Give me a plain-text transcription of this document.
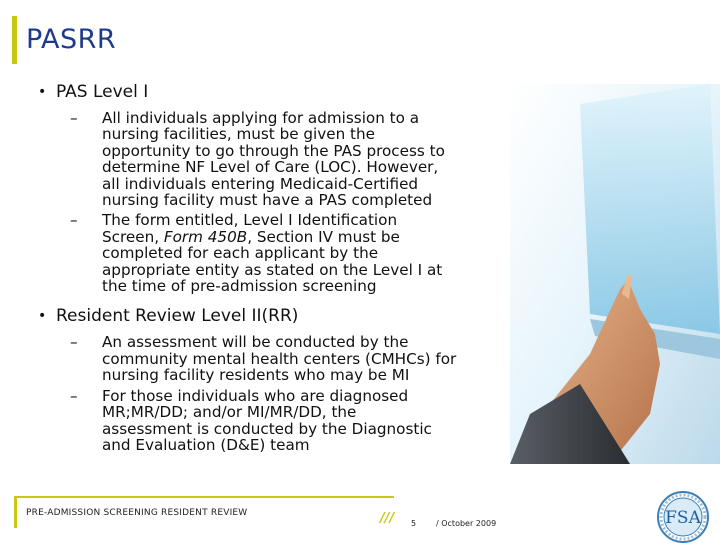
PASRR
• PAS Level I
– All individuals applying for admission to a
nursing facilities, must be given the
opportunity to go through the PAS process to
determine NF Level of Care (LOC). However,
all individuals entering Medicaid-Certified
nursing facility must have a PAS completed
– The form entitled, Level I Identification
Screen, Form 450B, Section IV must be
completed for each applicant by the
appropriate entity as stated on the Level I at
the time of pre-admission screening
• Resident Review Level II(RR)
– An assessment will be conducted by the
community mental health centers (CMHCs) for
nursing facility residents who may be MI
– For those individuals who are diagnosed
MR;MR/DD; and/or MI/MR/DD, the
assessment is conducted by the Diagnostic
and Evaluation (D&E) team
PRE-ADMISSION SCREENING RESIDENT REVIEW	/// 5 / October 2009	FSA
